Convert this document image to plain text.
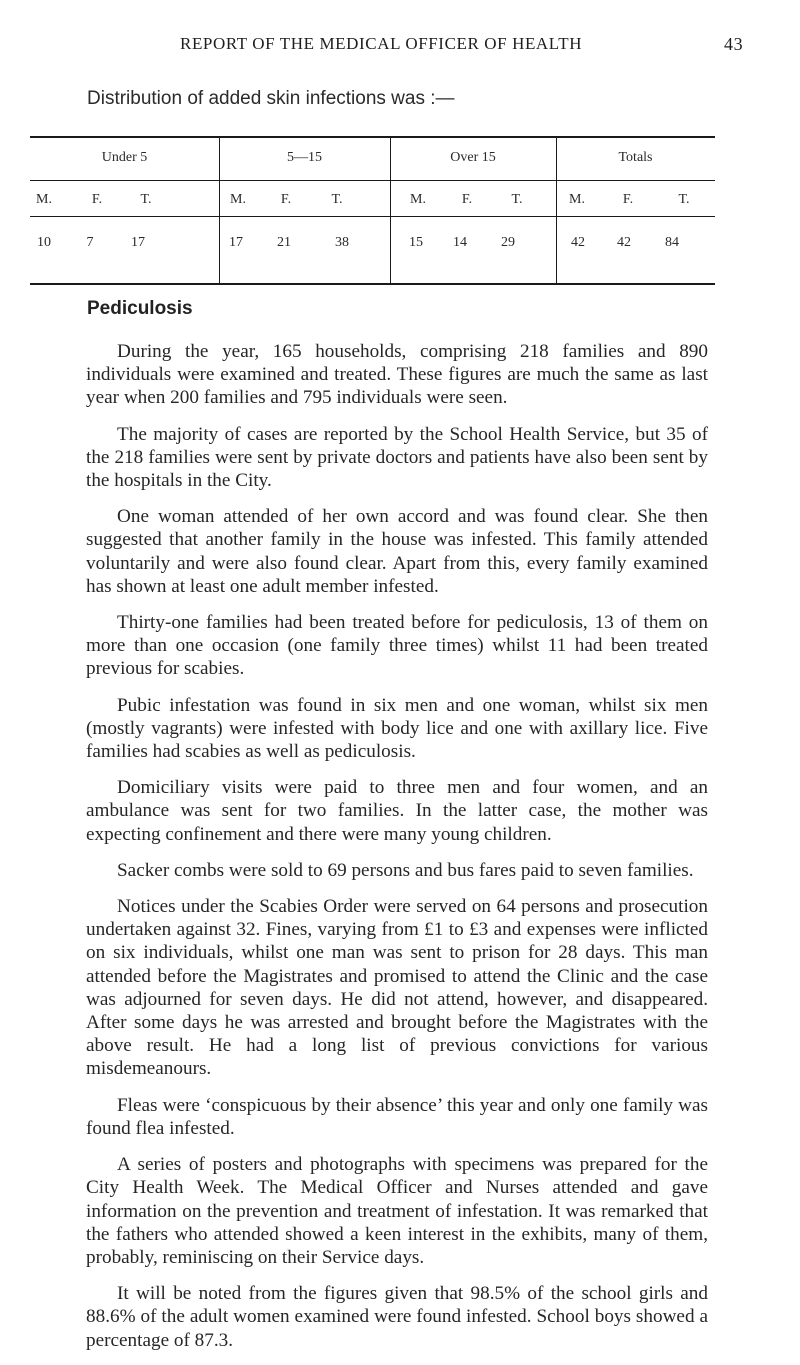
REPORT OF THE MEDICAL OFFICER OF HEALTH	43
Distribution of added skin infections was :—
Under 5	5—15	Over 15	Totals
M.	F.	T.	M.	F.	T.	M.	F.	T.	M.	F.	T.
10	7	17	17	21	38	15	14	29	42	42	84
Pediculosis

During the year, 165 households, comprising 218 families and 890 individuals were examined and treated. These figures are much the same as last year when 200 families and 795 individuals were seen.

The majority of cases are reported by the School Health Service, but 35 of the 218 families were sent by private doctors and patients have also been sent by the hospitals in the City.

One woman attended of her own accord and was found clear. She then suggested that another family in the house was infested. This family attended voluntarily and were also found clear. Apart from this, every family examined has shown at least one adult member infested.

Thirty-one families had been treated before for pediculosis, 13 of them on more than one occasion (one family three times) whilst 11 had been treated previous for scabies.

Pubic infestation was found in six men and one woman, whilst six men (mostly vagrants) were infested with body lice and one with axillary lice. Five families had scabies as well as pediculosis.

Domiciliary visits were paid to three men and four women, and an ambulance was sent for two families. In the latter case, the mother was expecting confinement and there were many young children.

Sacker combs were sold to 69 persons and bus fares paid to seven families.

Notices under the Scabies Order were served on 64 persons and prosecution undertaken against 32. Fines, varying from £1 to £3 and expenses were inflicted on six individuals, whilst one man was sent to prison for 28 days. This man attended before the Magistrates and promised to attend the Clinic and the case was adjourned for seven days. He did not attend, however, and disappeared. After some days he was arrested and brought before the Magistrates with the above result. He had a long list of previous convictions for various misdemeanours.

Fleas were ‘conspicuous by their absence’ this year and only one family was found flea infested.

A series of posters and photographs with specimens was prepared for the City Health Week. The Medical Officer and Nurses attended and gave information on the prevention and treatment of infestation. It was remarked that the fathers who attended showed a keen interest in the exhibits, many of them, probably, reminiscing on their Service days.

It will be noted from the figures given that 98.5% of the school girls and 88.6% of the adult women examined were found infested. School boys showed a percentage of 87.3.
